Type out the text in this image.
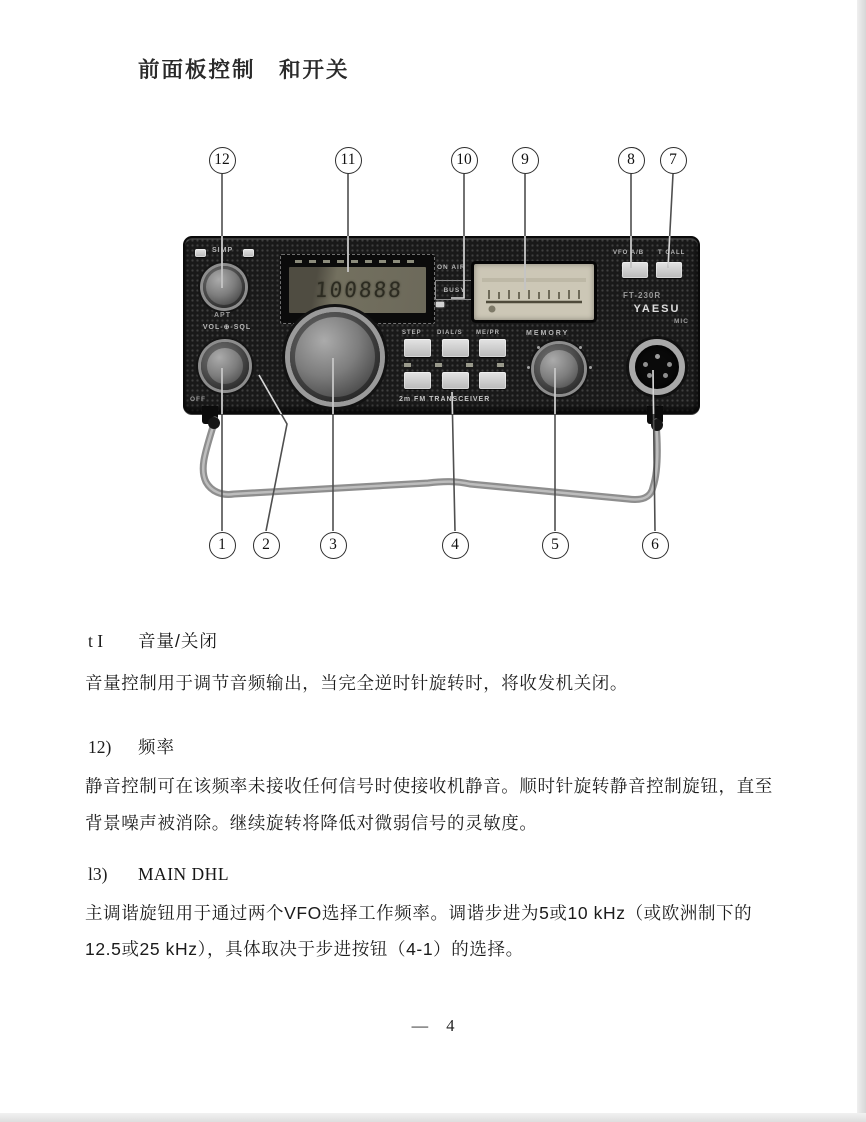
前面板控制　和开关
SIMP
APT
VOL-⊕-SQL
OFF
100888
ON AIR
BUSY
VFO A/B T CALL
FT-230R
YAESU
STEP	DIAL/S ME/PR
2m FM TRANSCEIVER
MEMORY
MIC
12	11	10	9	8	7
1	2	3	4	5	6
t I	音量/关闭
音量控制用于调节音频输出，当完全逆时针旋转时，将收发机关闭。
12)	频率
静音控制可在该频率未接收任何信号时使接收机静音。顺时针旋转静音控制旋钮，直至
背景噪声被消除。继续旋转将降低对微弱信号的灵敏度。
l3)	MAIN DHL
主调谐旋钮用于通过两个VFO选择工作频率。调谐步进为5或10 kHz（或欧洲制下的
12.5或25 kHz），具体取决于步进按钮（4-1）的选择。
— 4
